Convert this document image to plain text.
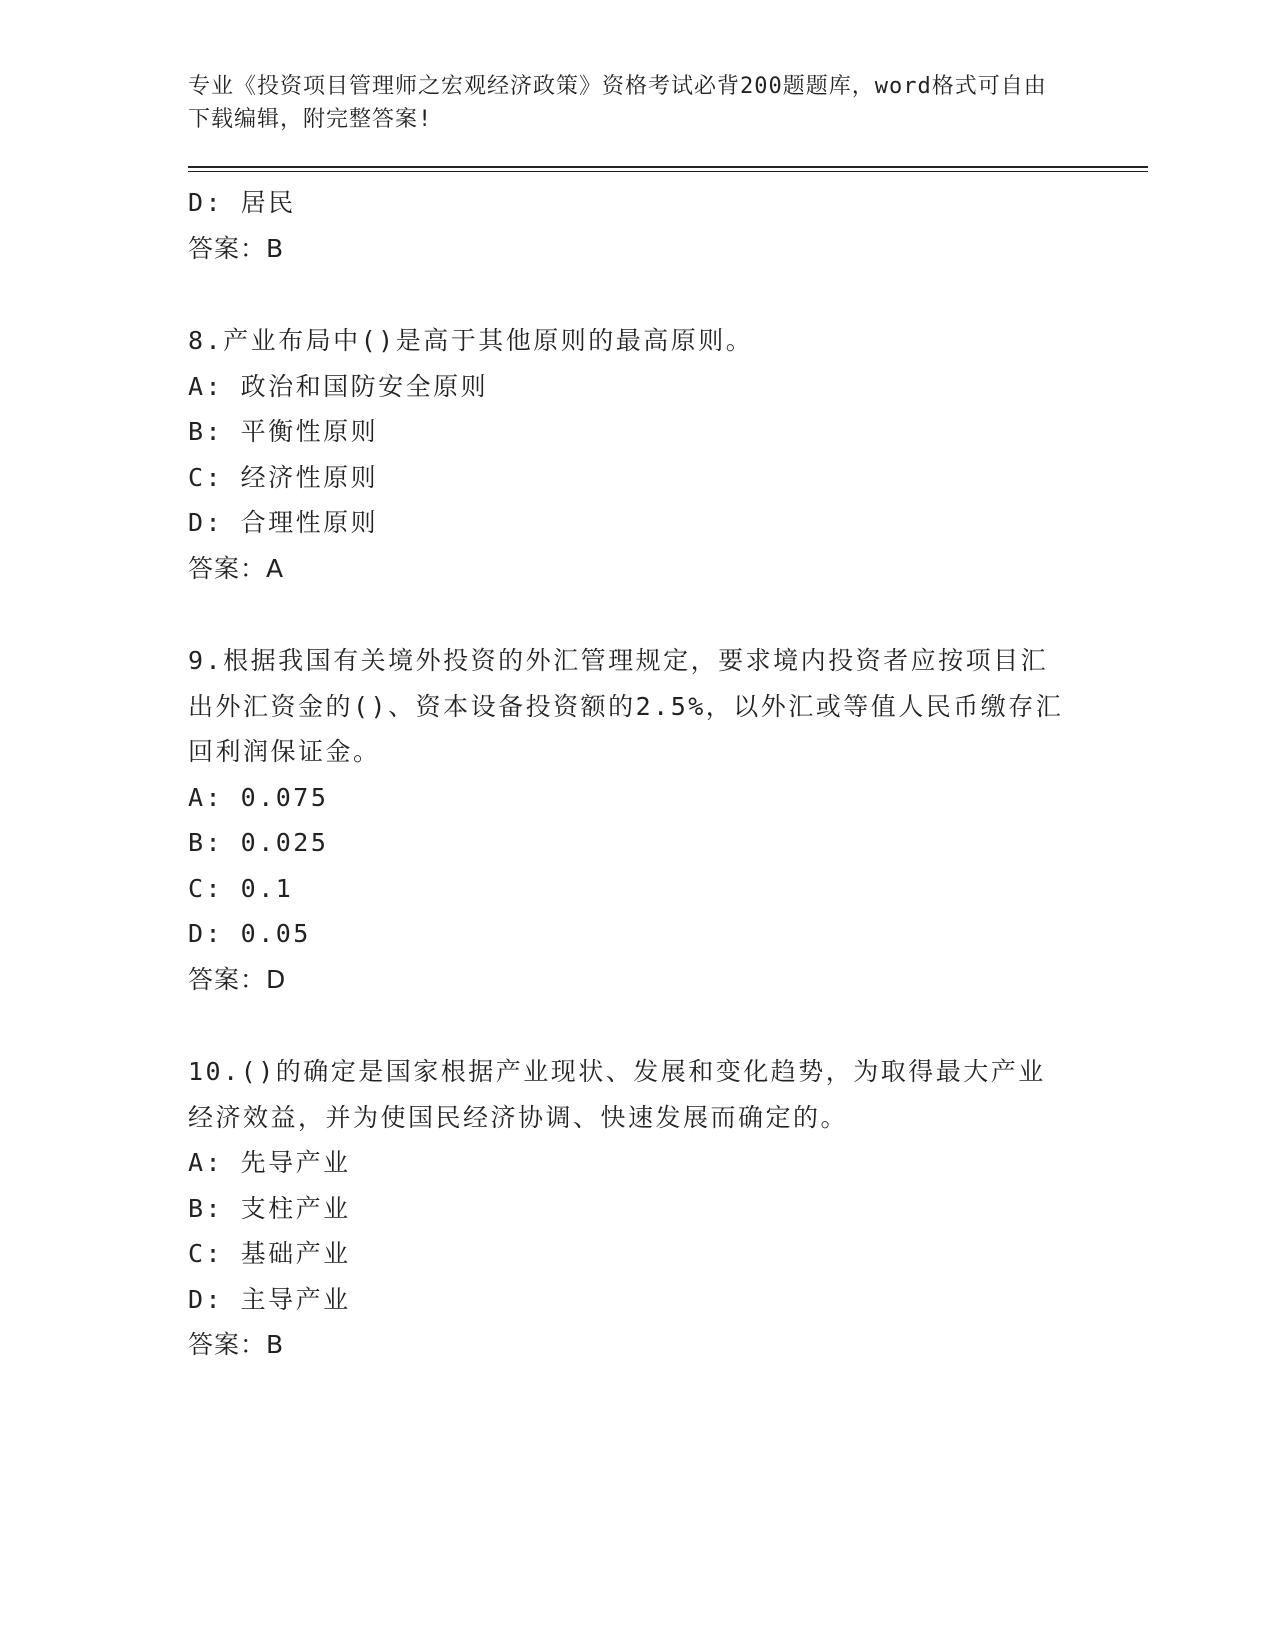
专业《投资项目管理师之宏观经济政策》资格考试必背200题题库，word格式可自由下载编辑，附完整答案!
D: 居民
答案：B
8.产业布局中()是高于其他原则的最高原则。
A: 政治和国防安全原则
B: 平衡性原则
C: 经济性原则
D: 合理性原则
答案：A
9.根据我国有关境外投资的外汇管理规定，要求境内投资者应按项目汇出外汇资金的()、资本设备投资额的2.5%，以外汇或等值人民币缴存汇回利润保证金。
A: 0.075
B: 0.025
C: 0.1
D: 0.05
答案：D
10.()的确定是国家根据产业现状、发展和变化趋势，为取得最大产业经济效益，并为使国民经济协调、快速发展而确定的。
A: 先导产业
B: 支柱产业
C: 基础产业
D: 主导产业
答案：B
